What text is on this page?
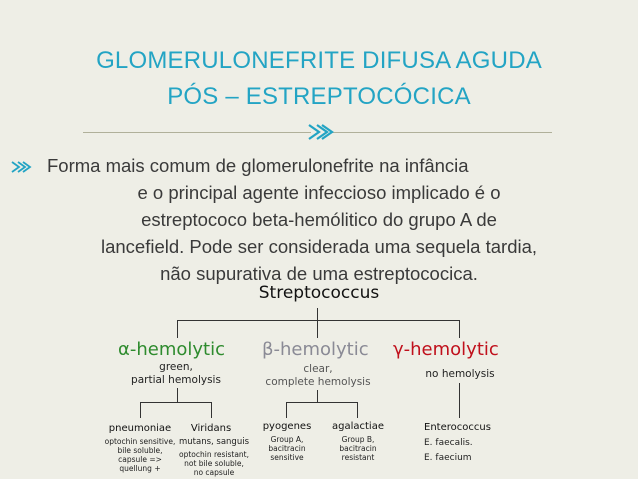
GLOMERULONEFRITE DIFUSA AGUDA
PÓS – ESTREPTOCÓCICA
Forma mais comum de glomerulonefrite na infância
e o principal agente infeccioso implicado é o
estreptococo beta-hemólitico do grupo A de
lancefield. Pode ser considerada uma sequela tardia,
não supurativa de uma estreptococica.
Streptococcus
α-hemolytic β-hemolytic γ-hemolytic
green,
partial hemolysis
clear,
complete hemolysis
no hemolysis
pneumoniae
optochin sensitive,
bile soluble,
capsule =>
quellung +
Viridans
mutans, sanguis
optochin resistant,
not bile soluble,
no capsule
pyogenes
Group A,
bacitracin sensitive
agalactiae
Group B,
bacitracin resistant
Enterococcus
E. faecalis.
E. faecium
